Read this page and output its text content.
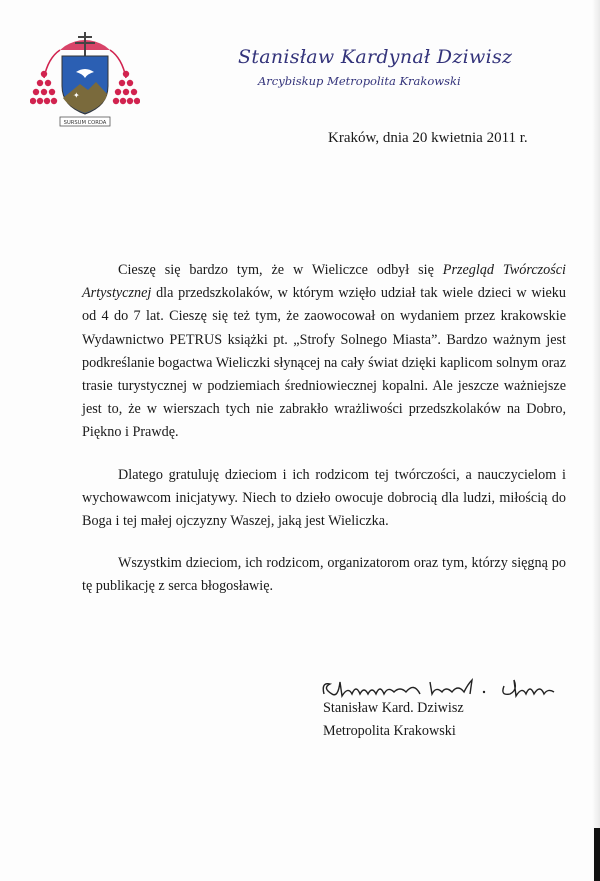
✦
SURSUM CORDA
Stanisław Kardynał Dziwisz
Arcybiskup Metropolita Krakowski
Kraków, dnia 20 kwietnia 2011 r.

Cieszę się bardzo tym, że w Wieliczce odbył się Przegląd Twórczości Artystycznej dla przedszkolaków, w którym wzięło udział tak wiele dzieci w wieku od 4 do 7 lat. Cieszę się też tym, że zaowocował on wydaniem przez krakowskie Wydawnictwo PETRUS książki pt. „Strofy Solnego Miasta”. Bardzo ważnym jest podkreślanie bogactwa Wieliczki słynącej na cały świat dzięki kaplicom solnym oraz trasie turystycznej w podziemiach średniowiecznej kopalni. Ale jeszcze ważniejsze jest to, że w wierszach tych nie zabrakło wrażliwości przedszkolaków na Dobro, Piękno i Prawdę.

Dlatego gratuluję dzieciom i ich rodzicom tej twórczości, a nauczycielom i wychowawcom inicjatywy. Niech to dzieło owocuje dobrocią dla ludzi, miłością do Boga i tej małej ojczyzny Waszej, jaką jest Wieliczka.

Wszystkim dzieciom, ich rodzicom, organizatorom oraz tym, którzy sięgną po tę publikację z serca błogosławię.

Stanisław Kard. Dziwisz
Metropolita Krakowski
